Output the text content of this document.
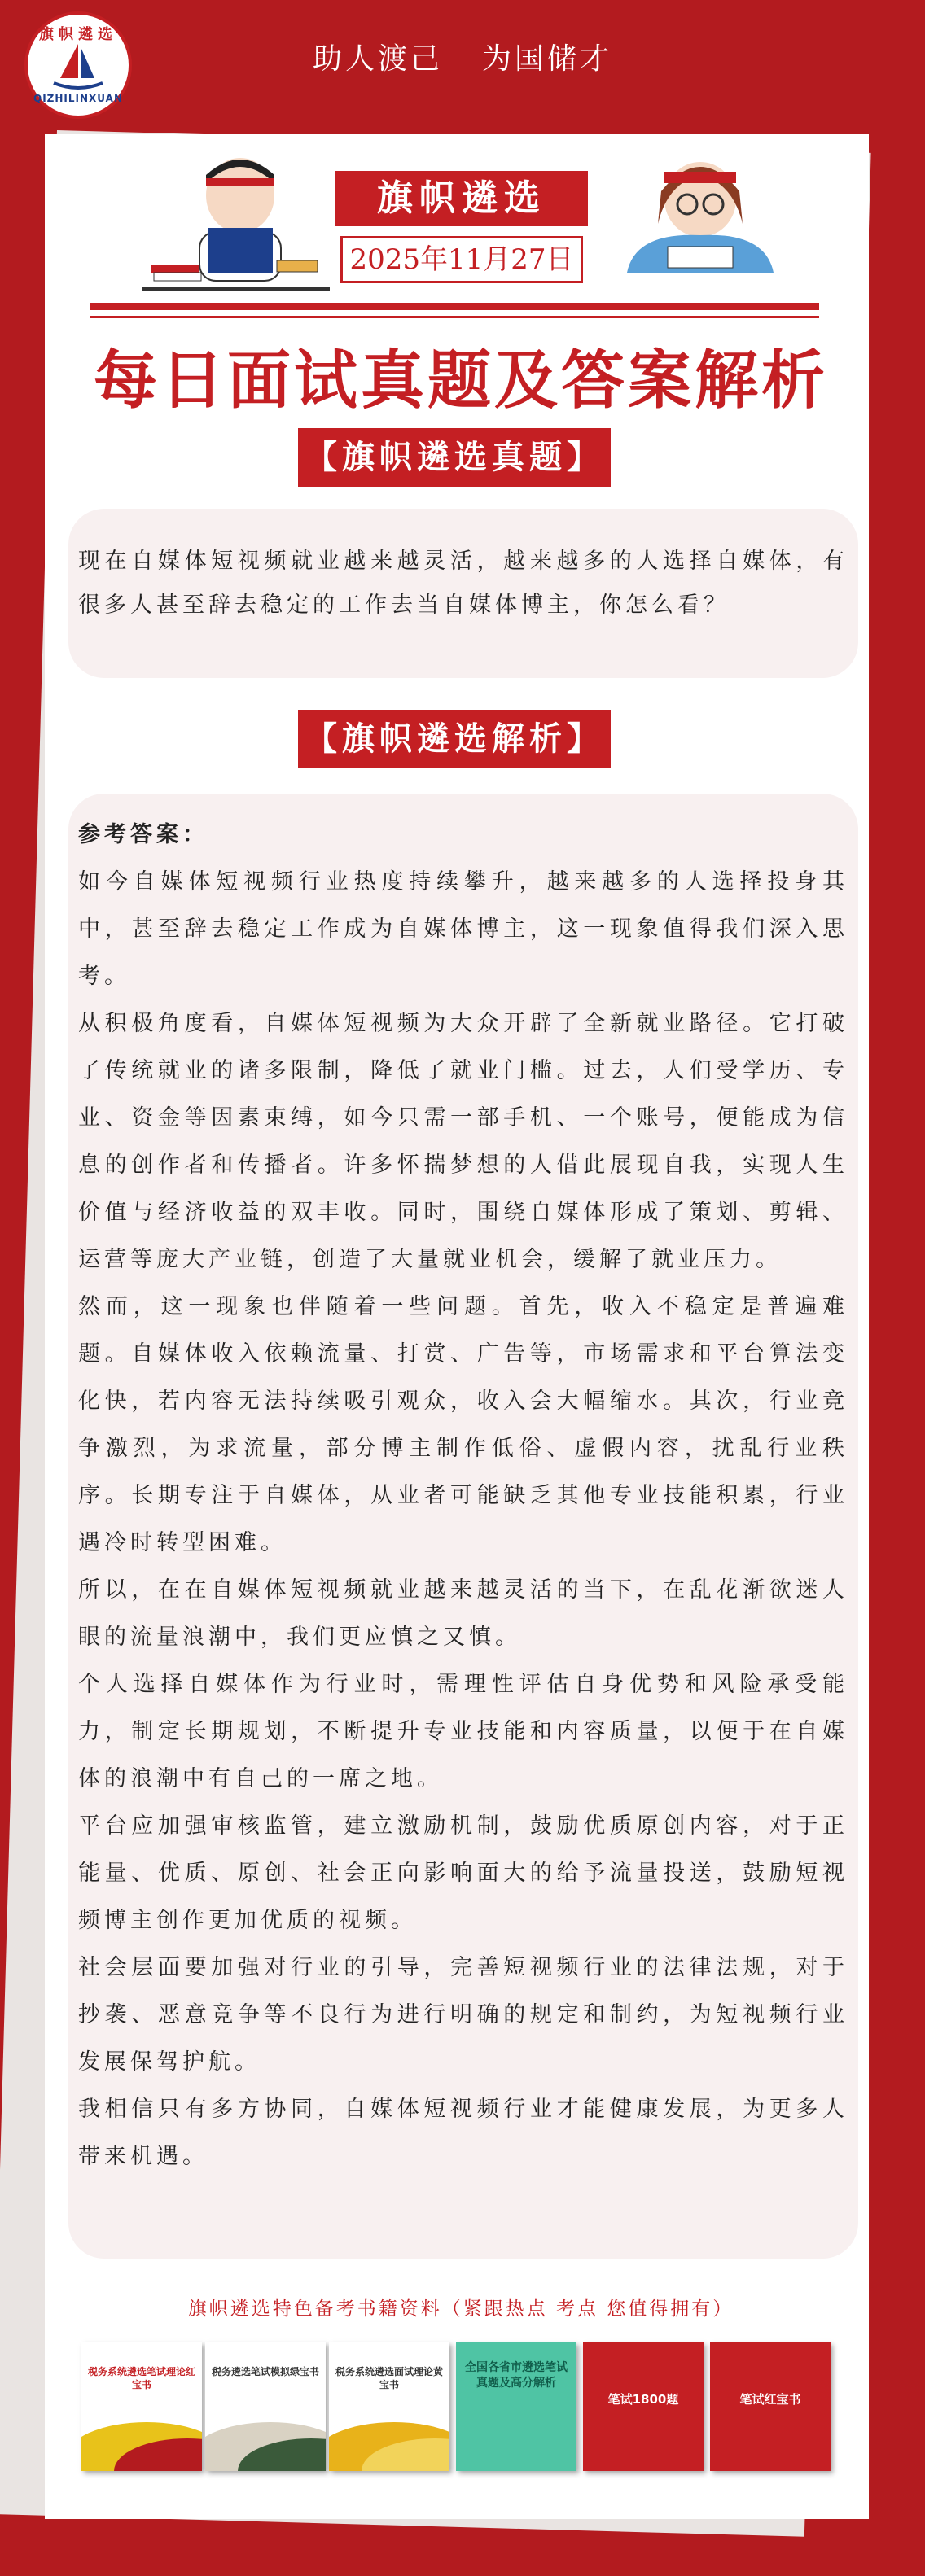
旗帜遴选
QIZHILINXUAN
助人渡己 为国储才
旗帜遴选
2025年11月27日
每日面试真题及答案解析
【旗帜遴选真题】
现在自媒体短视频就业越来越灵活，越来越多的人选择自媒体，有很多人甚至辞去稳定的工作去当自媒体博主，你怎么看？
【旗帜遴选解析】

参考答案：

如今自媒体短视频行业热度持续攀升，越来越多的人选择投身其中，甚至辞去稳定工作成为自媒体博主，这一现象值得我们深入思考。

从积极角度看，自媒体短视频为大众开辟了全新就业路径。它打破了传统就业的诸多限制，降低了就业门槛。过去，人们受学历、专业、资金等因素束缚，如今只需一部手机、一个账号，便能成为信息的创作者和传播者。许多怀揣梦想的人借此展现自我，实现人生价值与经济收益的双丰收。同时，围绕自媒体形成了策划、剪辑、运营等庞大产业链，创造了大量就业机会，缓解了就业压力。

然而，这一现象也伴随着一些问题。首先，收入不稳定是普遍难题。自媒体收入依赖流量、打赏、广告等，市场需求和平台算法变化快，若内容无法持续吸引观众，收入会大幅缩水。其次，行业竞争激烈，为求流量，部分博主制作低俗、虚假内容，扰乱行业秩序。长期专注于自媒体，从业者可能缺乏其他专业技能积累，行业遇冷时转型困难。

所以，在在自媒体短视频就业越来越灵活的当下，在乱花渐欲迷人眼的流量浪潮中，我们更应慎之又慎。

个人选择自媒体作为行业时，需理性评估自身优势和风险承受能力，制定长期规划，不断提升专业技能和内容质量，以便于在自媒体的浪潮中有自己的一席之地。

平台应加强审核监管，建立激励机制，鼓励优质原创内容，对于正能量、优质、原创、社会正向影响面大的给予流量投送，鼓励短视频博主创作更加优质的视频。

社会层面要加强对行业的引导，完善短视频行业的法律法规，对于抄袭、恶意竞争等不良行为进行明确的规定和制约，为短视频行业发展保驾护航。

我相信只有多方协同，自媒体短视频行业才能健康发展，为更多人带来机遇。

旗帜遴选特色备考书籍资料（紧跟热点 考点 您值得拥有）
税务系统遴选笔试理论红宝书
税务遴选笔试模拟绿宝书 税务系统遴选面试理论黄宝书
全国各省市遴选笔试真题及高分解析
笔试1800题	笔试红宝书
